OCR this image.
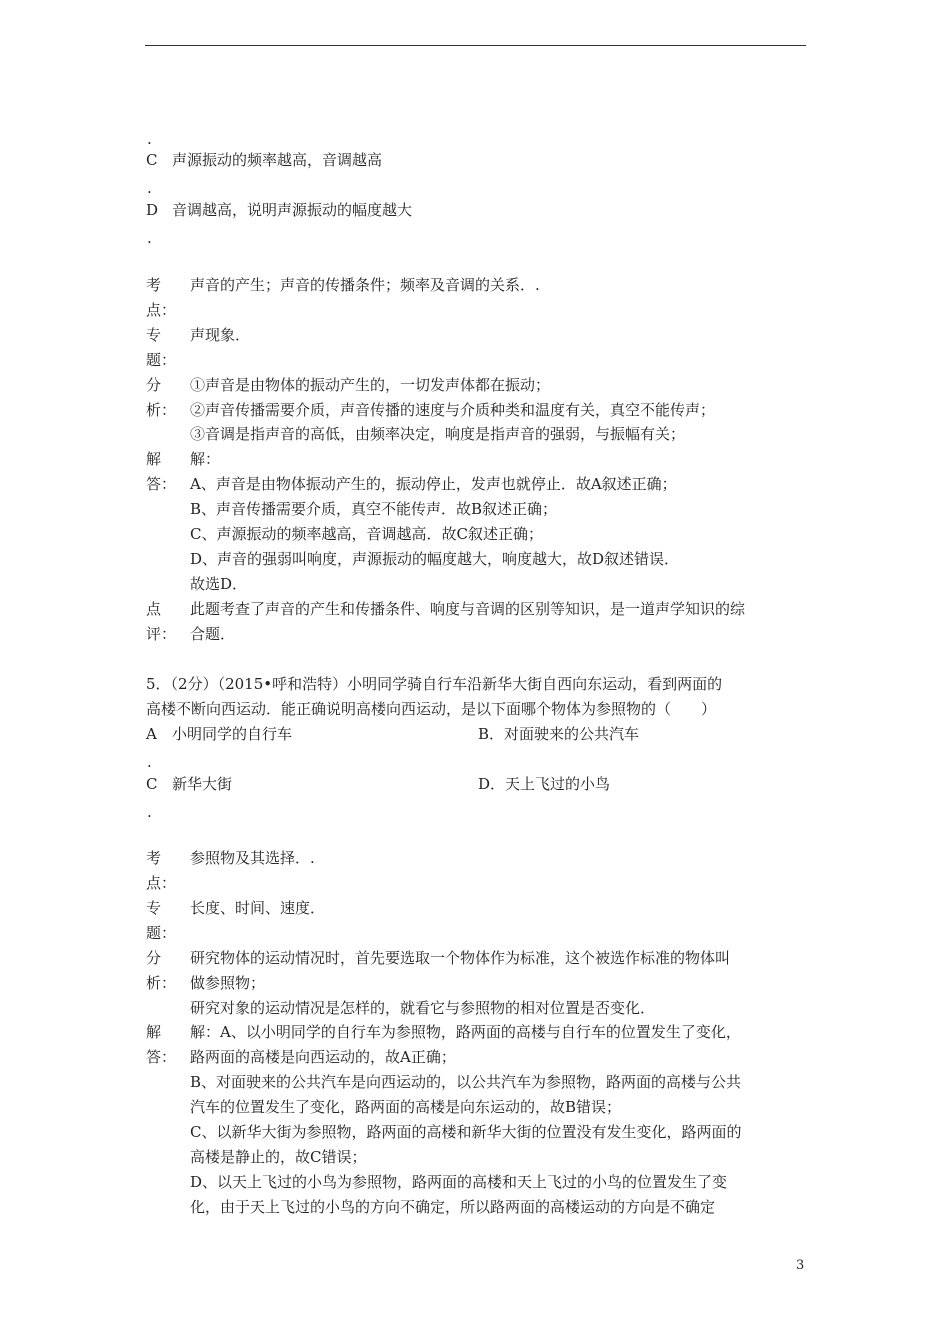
.
C 声源振动的频率越高，音调越高
.
D 音调越高，说明声源振动的幅度越大
.
考
点：
声音的产生；声音的传播条件；频率及音调的关系．.
专
题：
声现象．
分
析：
①声音是由物体的振动产生的，一切发声体都在振动；
②声音传播需要介质，声音传播的速度与介质种类和温度有关，真空不能传声；
③音调是指声音的高低，由频率决定，响度是指声音的强弱，与振幅有关；
解
答：
解：
A、声音是由物体振动产生的，振动停止，发声也就停止．故A叙述正确；
B、声音传播需要介质，真空不能传声．故B叙述正确；
C、声源振动的频率越高，音调越高．故C叙述正确；
D、声音的强弱叫响度，声源振动的幅度越大，响度越大，故D叙述错误．
故选D．
点
评：
此题考查了声音的产生和传播条件、响度与音调的区别等知识，是一道声学知识的综
合题．
5．（2分）（2015•呼和浩特）小明同学骑自行车沿新华大街自西向东运动，看到两面的
高楼不断向西运动．能正确说明高楼向西运动，是以下面哪个物体为参照物的（　　）
A 小明同学的自行车	B．对面驶来的公共汽车
.
C 新华大街	D．天上飞过的小鸟
.
考
点：
参照物及其选择．.
专
题：
长度、时间、速度．
分
析：
研究物体的运动情况时，首先要选取一个物体作为标准，这个被选作标准的物体叫
做参照物；
研究对象的运动情况是怎样的，就看它与参照物的相对位置是否变化．
解
答：
解：A、以小明同学的自行车为参照物，路两面的高楼与自行车的位置发生了变化，
路两面的高楼是向西运动的，故A正确；
B、对面驶来的公共汽车是向西运动的，以公共汽车为参照物，路两面的高楼与公共
汽车的位置发生了变化，路两面的高楼是向东运动的，故B错误；
C、以新华大街为参照物，路两面的高楼和新华大街的位置没有发生变化，路两面的
高楼是静止的，故C错误；
D、以天上飞过的小鸟为参照物，路两面的高楼和天上飞过的小鸟的位置发生了变
化，由于天上飞过的小鸟的方向不确定，所以路两面的高楼运动的方向是不确定
3
